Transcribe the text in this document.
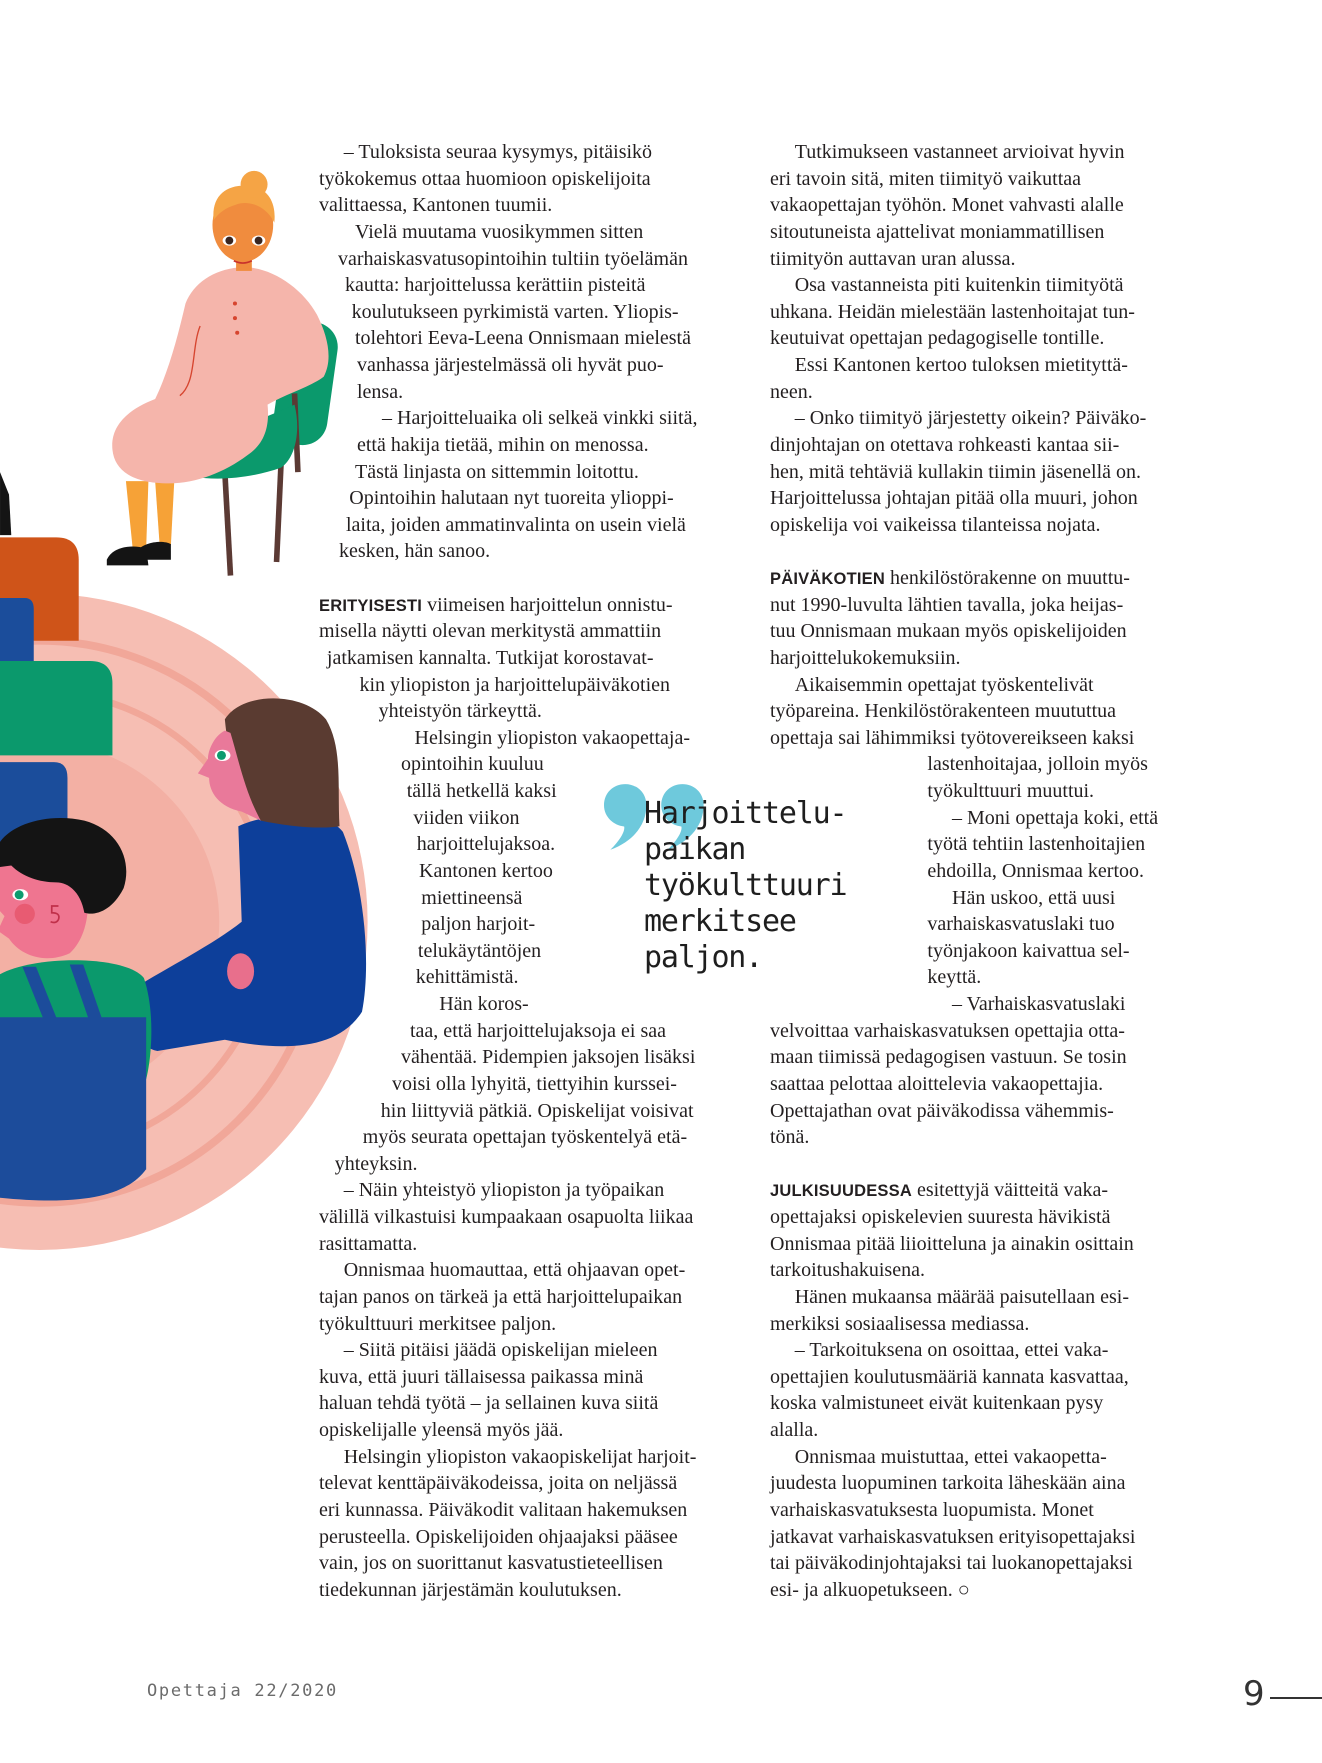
– Tuloksista seuraa kysymys, pitäisikö
työkokemus ottaa huomioon opiskelijoita
valittaessa, Kantonen tuumii.
Vielä muutama vuosikymmen sitten
varhaiskasvatusopintoihin tultiin työelämän
kautta: harjoittelussa kerättiin pisteitä
koulutukseen pyrkimistä varten. Yliopis-
tolehtori Eeva-Leena Onnismaan mielestä
vanhassa järjestelmässä oli hyvät puo-
lensa.
– Harjoitteluaika oli selkeä vinkki siitä,
että hakija tietää, mihin on menossa.
Tästä linjasta on sittemmin loitottu.
Opintoihin halutaan nyt tuoreita ylioppi-
laita, joiden ammatinvalinta on usein vielä
kesken, hän sanoo.
ERITYISESTI viimeisen harjoittelun onnistu-
misella näytti olevan merkitystä ammattiin
jatkamisen kannalta. Tutkijat korostavat-
kin yliopiston ja harjoittelupäiväkotien
yhteistyön tärkeyttä.
Helsingin yliopiston vakaopettaja-
opintoihin kuuluu
tällä hetkellä kaksi
viiden viikon
harjoittelujaksoa.
Kantonen kertoo
miettineensä
paljon harjoit-
telukäytäntöjen
kehittämistä.
Hän koros-
taa, että harjoittelujaksoja ei saa
vähentää. Pidempien jaksojen lisäksi
voisi olla lyhyitä, tiettyihin kurssei-
hin liittyviä pätkiä. Opiskelijat voisivat
myös seurata opettajan työskentelyä etä-
yhteyksin.
– Näin yhteistyö yliopiston ja työpaikan
välillä vilkastuisi kumpaakaan osapuolta liikaa
rasittamatta.
Onnismaa huomauttaa, että ohjaavan opet-
tajan panos on tärkeä ja että harjoittelupaikan
työkulttuuri merkitsee paljon.
– Siitä pitäisi jäädä opiskelijan mieleen
kuva, että juuri tällaisessa paikassa minä
haluan tehdä työtä – ja sellainen kuva siitä
opiskelijalle yleensä myös jää.
Helsingin yliopiston vakaopiskelijat harjoit-
televat kenttäpäiväkodeissa, joita on neljässä
eri kunnassa. Päiväkodit valitaan hakemuksen
perusteella. Opiskelijoiden ohjaajaksi pääsee
vain, jos on suorittanut kasvatustieteellisen
tiedekunnan järjestämän koulutuksen.
Tutkimukseen vastanneet arvioivat hyvin
eri tavoin sitä, miten tiimityö vaikuttaa
vakaopettajan työhön. Monet vahvasti alalle
sitoutuneista ajattelivat moniammatillisen
tiimityön auttavan uran alussa.
Osa vastanneista piti kuitenkin tiimityötä
uhkana. Heidän mielestään lastenhoitajat tun-
keutuivat opettajan pedagogiselle tontille.
Essi Kantonen kertoo tuloksen mietityttä-
neen.
– Onko tiimityö järjestetty oikein? Päiväko-
dinjohtajan on otettava rohkeasti kantaa sii-
hen, mitä tehtäviä kullakin tiimin jäsenellä on.
Harjoittelussa johtajan pitää olla muuri, johon
opiskelija voi vaikeissa tilanteissa nojata.
PÄIVÄKOTIEN henkilöstörakenne on muuttu-
nut 1990-luvulta lähtien tavalla, joka heijas-
tuu Onnismaan mukaan myös opiskelijoiden
harjoittelukokemuksiin.
Aikaisemmin opettajat työskentelivät
työpareina. Henkilöstörakenteen muututtua
opettaja sai lähimmiksi työtovereikseen kaksi
lastenhoitajaa, jolloin myös
työkulttuuri muuttui.
– Moni opettaja koki, että
työtä tehtiin lastenhoitajien
ehdoilla, Onnismaa kertoo.
Hän uskoo, että uusi
varhaiskasvatuslaki tuo
työnjakoon kaivattua sel-
keyttä.
– Varhaiskasvatuslaki
velvoittaa varhaiskasvatuksen opettajia otta-
maan tiimissä pedagogisen vastuun. Se tosin
saattaa pelottaa aloittelevia vakaopettajia.
Opettajathan ovat päiväkodissa vähemmis-
tönä.
JULKISUUDESSA esitettyjä väitteitä vaka-
opettajaksi opiskelevien suuresta hävikistä
Onnismaa pitää liioitteluna ja ainakin osittain
tarkoitushakuisena.
Hänen mukaansa määrää paisutellaan esi-
merkiksi sosiaalisessa mediassa.
– Tarkoituksena on osoittaa, ettei vaka-
opettajien koulutusmääriä kannata kasvattaa,
koska valmistuneet eivät kuitenkaan pysy
alalla.
Onnismaa muistuttaa, ettei vakaopetta-
juudesta luopuminen tarkoita läheskään aina
varhaiskasvatuksesta luopumista. Monet
jatkavat varhaiskasvatuksen erityisopettajaksi
tai päiväkodinjohtajaksi tai luokanopettajaksi
esi- ja alkuopetukseen. ○
Harjoittelu-
paikan
työkulttuuri
merkitsee
paljon.
Opettaja 22/2020	9
